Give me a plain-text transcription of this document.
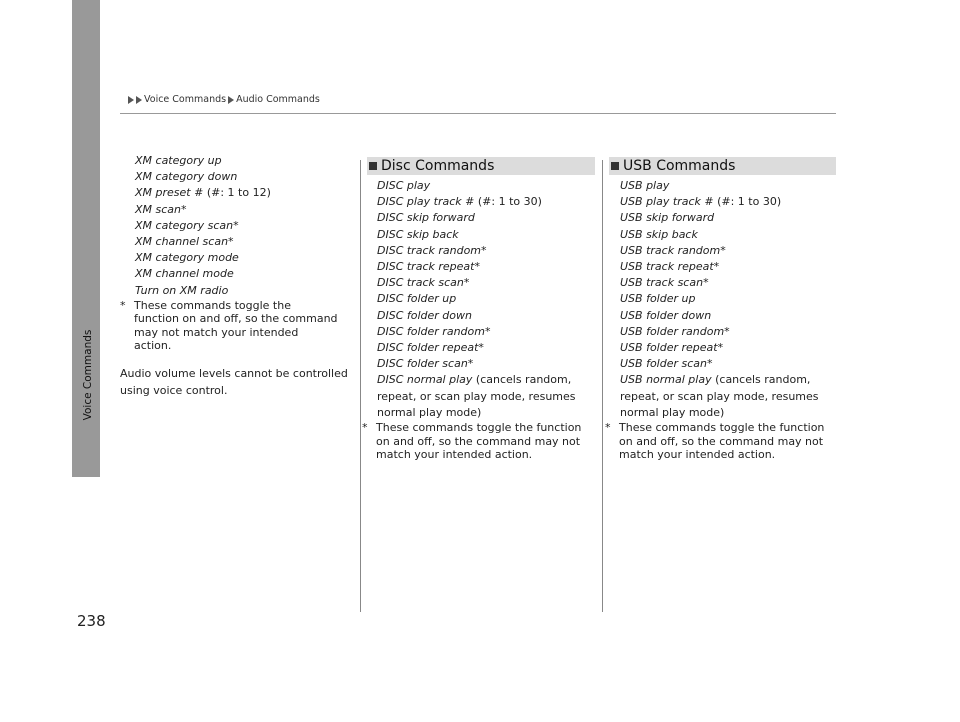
Voice Commands Audio Commands
Voice Commands
238
XM category up
XM category down
XM preset # (#: 1 to 12)
XM scan*
XM category scan*
XM channel scan*
XM category mode
XM channel mode
Turn on XM radio
* These commands toggle the function on and off, so the command may not match your intended action.
Audio volume levels cannot be controlled using voice control.
Disc Commands
DISC play
DISC play track # (#: 1 to 30)
DISC skip forward
DISC skip back
DISC track random*
DISC track repeat*
DISC track scan*
DISC folder up
DISC folder down
DISC folder random*
DISC folder repeat*
DISC folder scan*
DISC normal play (cancels random, repeat, or scan play mode, resumes normal play mode)
* These commands toggle the function on and off, so the command may not match your intended action.
USB Commands
USB play
USB play track # (#: 1 to 30)
USB skip forward
USB skip back
USB track random*
USB track repeat*
USB track scan*
USB folder up
USB folder down
USB folder random*
USB folder repeat*
USB folder scan*
USB normal play (cancels random, repeat, or scan play mode, resumes normal play mode)
* These commands toggle the function on and off, so the command may not match your intended action.
